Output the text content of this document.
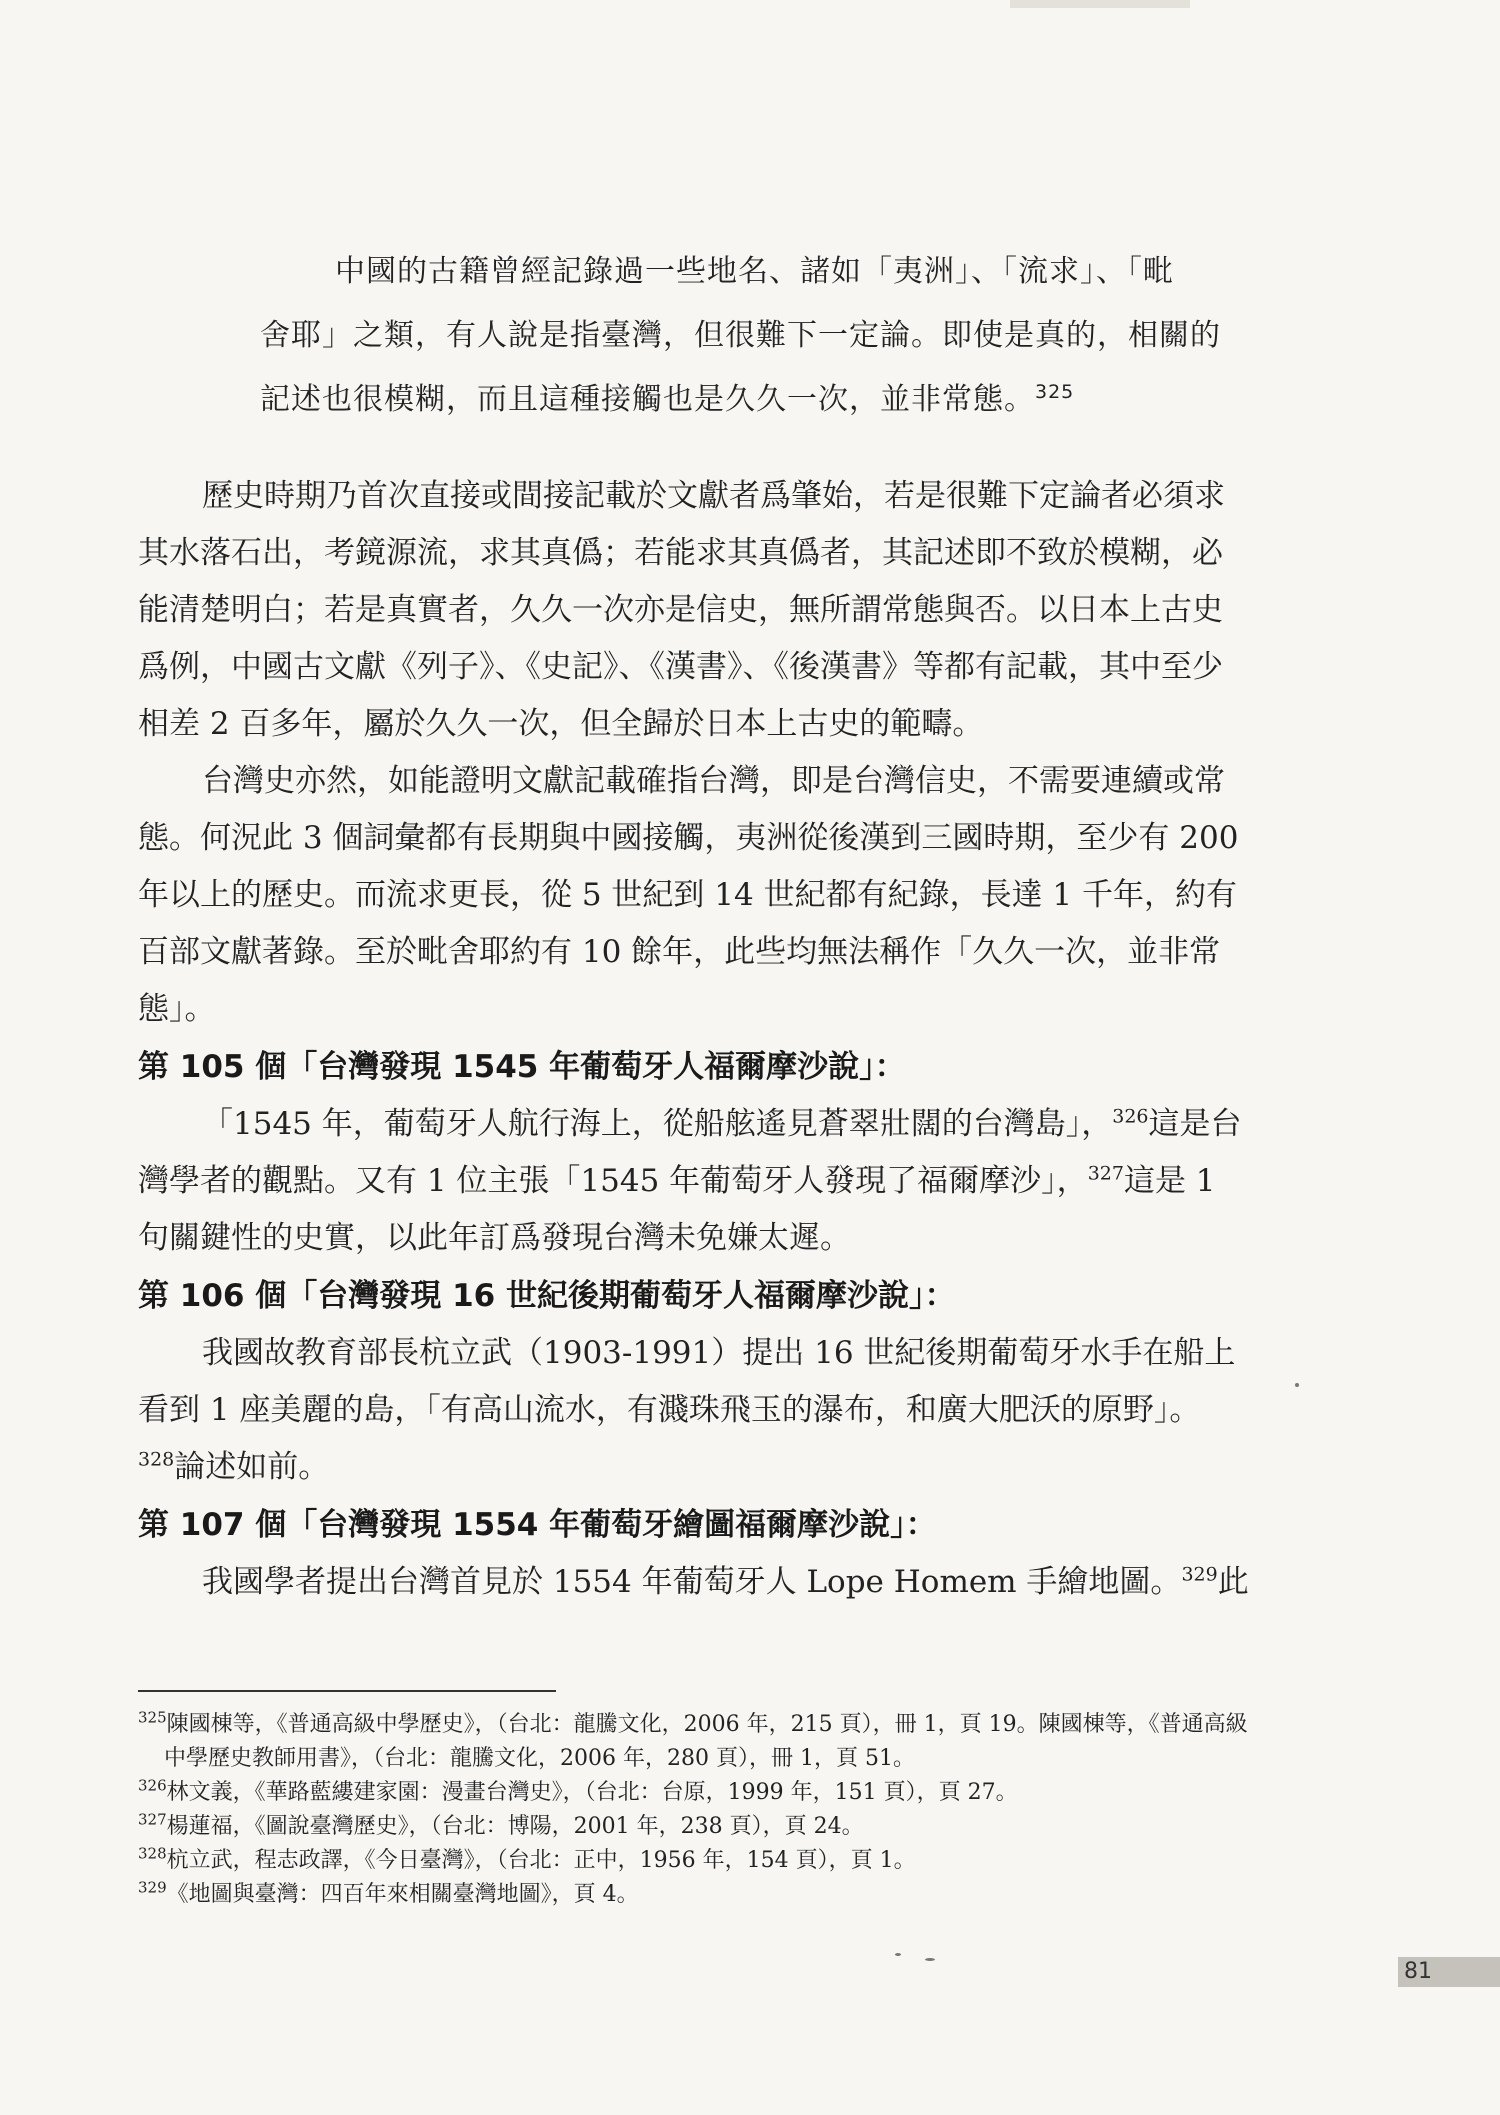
中國的古籍曾經記錄過一些地名、諸如「夷洲」、「流求」、「毗

舍耶」之類，有人說是指臺灣，但很難下一定論。即使是真的，相關的

記述也很模糊，而且這種接觸也是久久一次，並非常態。$^{325}$

歷史時期乃首次直接或間接記載於文獻者爲肇始，若是很難下定論者必須求其水落石出，考鏡源流，求其真僞；若能求其真僞者，其記述即不致於模糊，必能清楚明白；若是真實者，久久一次亦是信史，無所謂常態與否。以日本上古史爲例，中國古文獻《列子》、《史記》、《漢書》、《後漢書》等都有記載，其中至少相差 2 百多年，屬於久久一次，但全歸於日本上古史的範疇。

台灣史亦然，如能證明文獻記載確指台灣，即是台灣信史，不需要連續或常態。何況此 3 個詞彙都有長期與中國接觸，夷洲從後漢到三國時期，至少有 200 年以上的歷史。而流求更長，從 5 世紀到 14 世紀都有紀錄，長達 1 千年，約有百部文獻著錄。至於毗舍耶約有 10 餘年，此些均無法稱作「久久一次，並非常態」。

第 105 個「台灣發現 1545 年葡萄牙人福爾摩沙說」：

「1545 年，葡萄牙人航行海上，從船舷遙見蒼翠壯闊的台灣島」，$^{326}$這是台灣學者的觀點。又有 1 位主張「1545 年葡萄牙人發現了福爾摩沙」，$^{327}$這是 1 句關鍵性的史實，以此年訂爲發現台灣未免嫌太遲。

第 106 個「台灣發現 16 世紀後期葡萄牙人福爾摩沙說」：

我國故教育部長杭立武（1903-1991）提出 16 世紀後期葡萄牙水手在船上看到 1 座美麗的島，「有高山流水，有濺珠飛玉的瀑布，和廣大肥沃的原野」。

$^{328}$論述如前。

第 107 個「台灣發現 1554 年葡萄牙繪圖福爾摩沙說」：

我國學者提出台灣首見於 1554 年葡萄牙人 Lope Homem 手繪地圖。$^{329}$此

$^{325}$陳國棟等，《普通高級中學歷史》，（台北：龍騰文化，2006 年，215 頁），冊 1，頁 19。陳國棟等，《普通高級中學歷史教師用書》，（台北：龍騰文化，2006 年，280 頁），冊 1，頁 51。

$^{326}$林文義，《華路藍縷建家園：漫畫台灣史》，（台北：台原，1999 年，151 頁），頁 27。

$^{327}$楊蓮福，《圖說臺灣歷史》，（台北：博陽，2001 年，238 頁），頁 24。

$^{328}$杭立武，程志政譯，《今日臺灣》，（台北：正中，1956 年，154 頁），頁 1。

$^{329}$《地圖與臺灣：四百年來相關臺灣地圖》，頁 4。

81
